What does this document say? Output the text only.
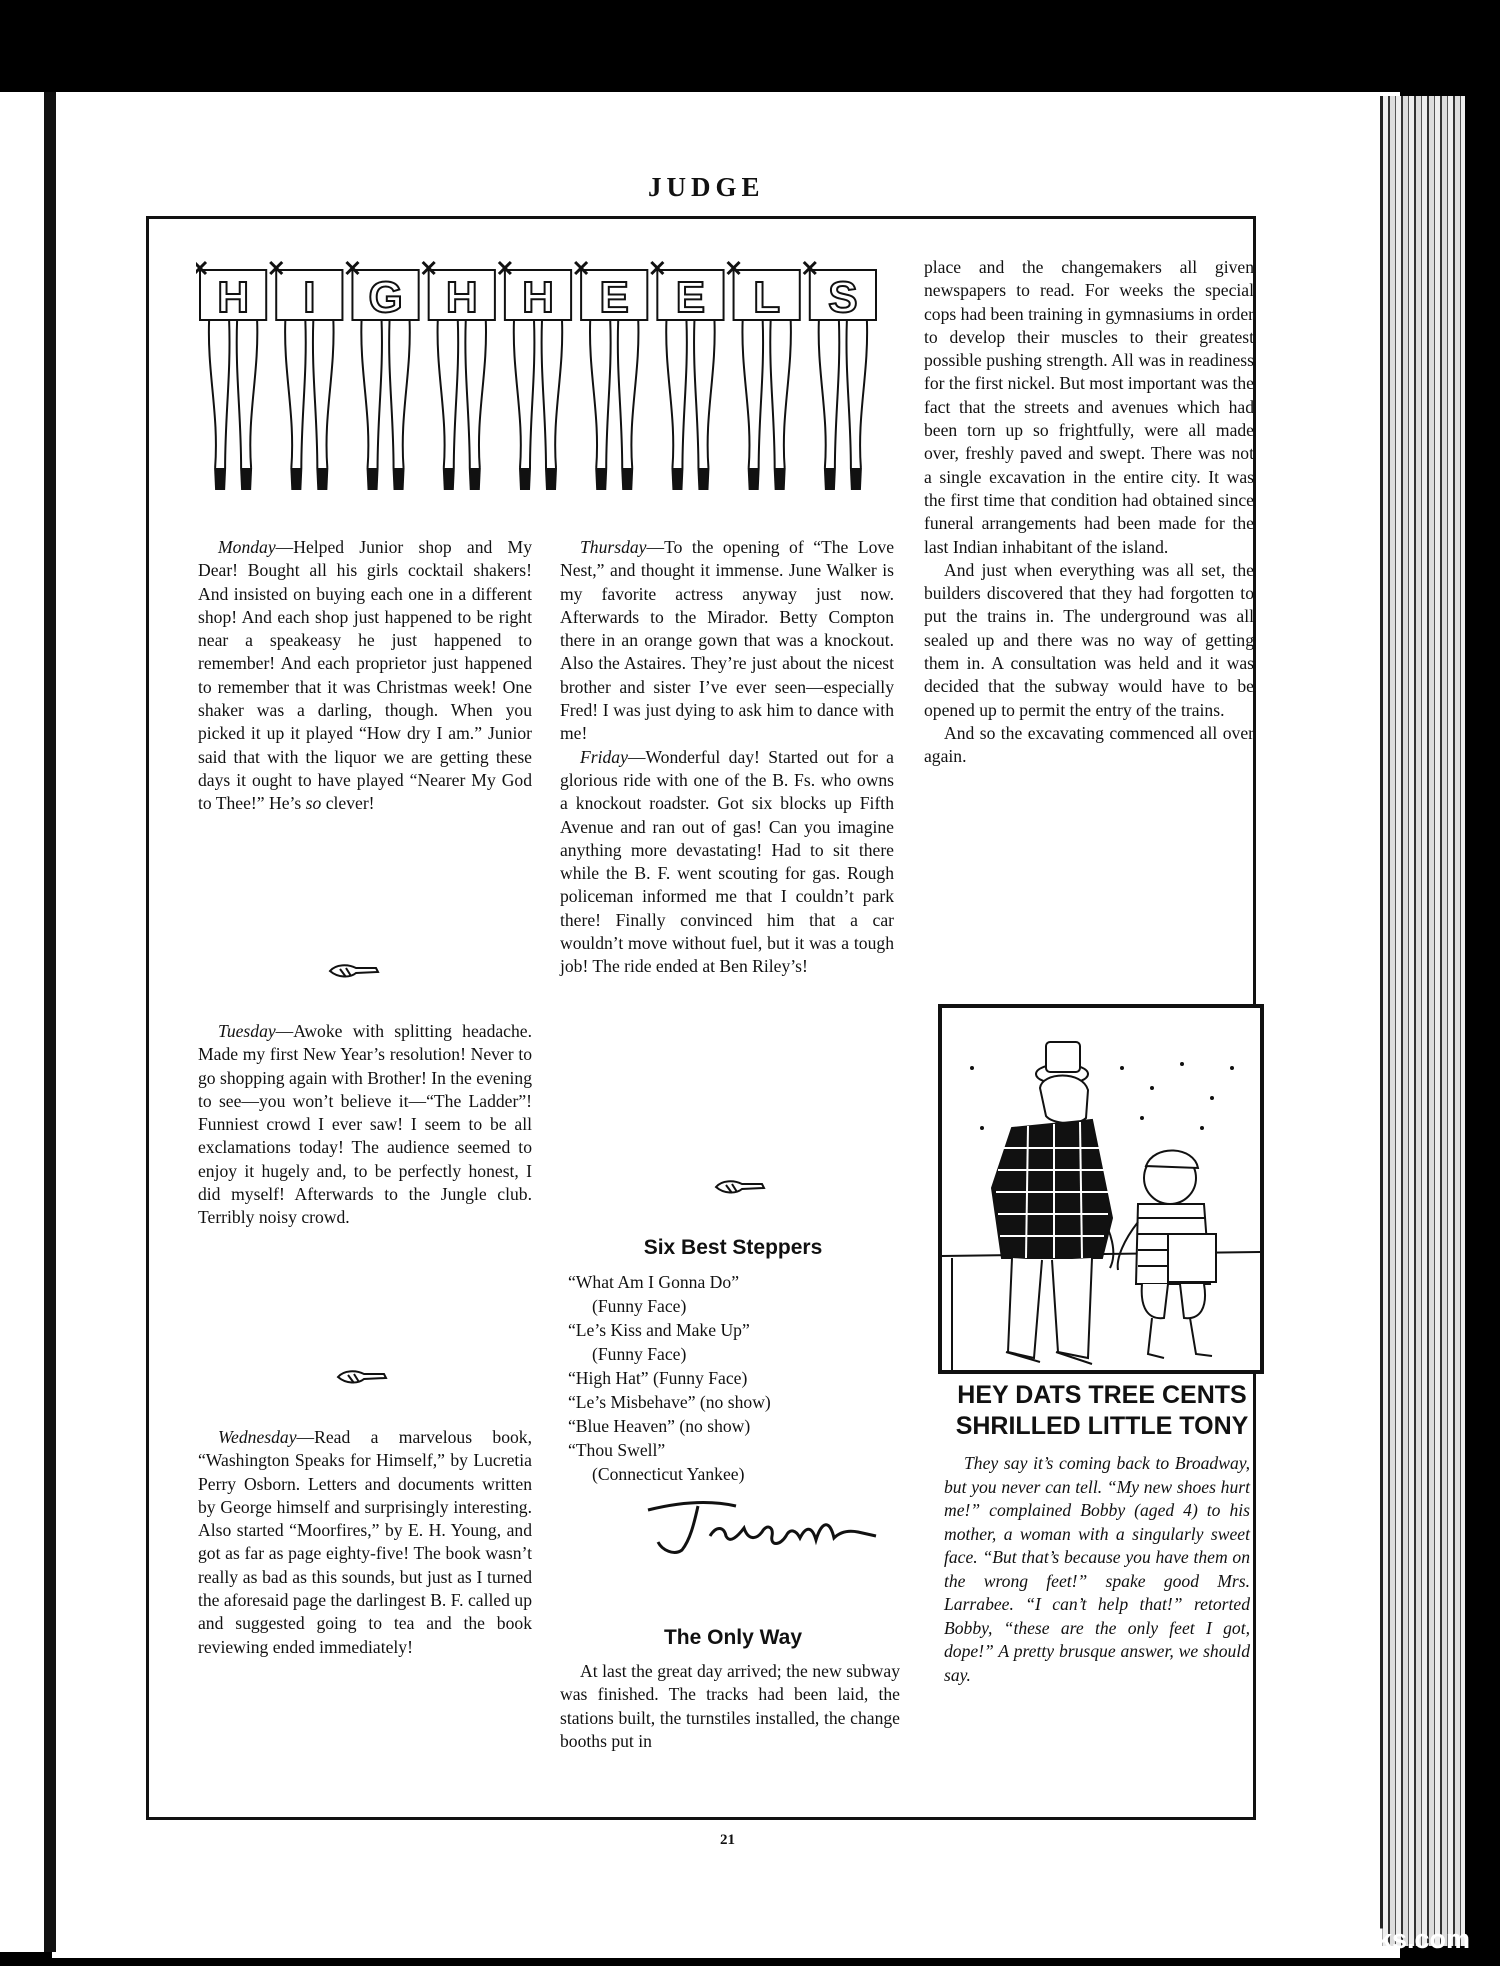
JUDGE
H I G H H E E L S

Monday—Helped Junior shop and My Dear! Bought all his girls cocktail shakers! And insisted on buying each one in a different shop! And each shop just happened to be right near a speakeasy he just happened to remember! And each proprietor just happened to remember that it was Christmas week! One shaker was a darling, though. When you picked it up it played “How dry I am.” Junior said that with the liquor we are getting these days it ought to have played “Nearer My God to Thee!” He’s so clever!

Tuesday—Awoke with splitting headache. Made my first New Year’s resolution! Never to go shopping again with Brother! In the evening to see—you won’t believe it—“The Ladder”! Funniest crowd I ever saw! I seem to be all exclamations today! The audience seemed to enjoy it hugely and, to be perfectly honest, I did myself! Afterwards to the Jungle club. Terribly noisy crowd.

Wednesday—Read a marvelous book, “Washington Speaks for Himself,” by Lucretia Perry Osborn. Letters and documents written by George himself and surprisingly interesting. Also started “Moorfires,” by E. H. Young, and got as far as page eighty-five! The book wasn’t really as bad as this sounds, but just as I turned the aforesaid page the darlingest B. F. called up and suggested going to tea and the book reviewing ended immediately!

Thursday—To the opening of “The Love Nest,” and thought it immense. June Walker is my favorite actress anyway just now. Afterwards to the Mirador. Betty Compton there in an orange gown that was a knockout. Also the Astaires. They’re just about the nicest brother and sister I’ve ever seen—especially Fred! I was just dying to ask him to dance with me!

Friday—Wonderful day! Started out for a glorious ride with one of the B. Fs. who owns a knockout roadster. Got six blocks up Fifth Avenue and ran out of gas! Can you imagine anything more devastating! Had to sit there while the B. F. went scouting for gas. Rough policeman informed me that I couldn’t park there! Finally convinced him that a car wouldn’t move without fuel, but it was a tough job! The ride ended at Ben Riley’s!

Six Best Steppers
“What Am I Gonna Do”
(Funny Face)
“Le’s Kiss and Make Up”
(Funny Face)
“High Hat” (Funny Face)
“Le’s Misbehave” (no show)
“Blue Heaven” (no show)
“Thou Swell”
(Connecticut Yankee)
The Only Way

At last the great day arrived; the new subway was finished. The tracks had been laid, the stations built, the turnstiles installed, the change booths put in

place and the changemakers all given newspapers to read. For weeks the special cops had been training in gymnasiums in order to develop their muscles to their greatest possible pushing strength. All was in readiness for the first nickel. But most important was the fact that the streets and avenues which had been torn up so frightfully, were all made over, freshly paved and swept. There was not a single excavation in the entire city. It was the first time that condition had obtained since funeral arrangements had been made for the last Indian inhabitant of the island.

And just when everything was all set, the builders discovered that they had forgotten to put the trains in. The underground was all sealed up and there was no way of getting them in. A consultation was held and it was decided that the subway would have to be opened up to permit the entry of the trains.

And so the excavating commenced all over again.

HEY DATS TREE CENTS
SHRILLED LITTLE TONY

They say it’s coming back to Broadway, but you never can tell. “My new shoes hurt me!” complained Bobby (aged 4) to his mother, a woman with a singularly sweet face. “But that’s because you have them on the wrong feet!” spake good Mrs. Larrabee. “I can’t help that!” retorted Bobby, “these are the only feet I got, dope!” A pretty brusque answer, we should say.

21
comicbooks.com
